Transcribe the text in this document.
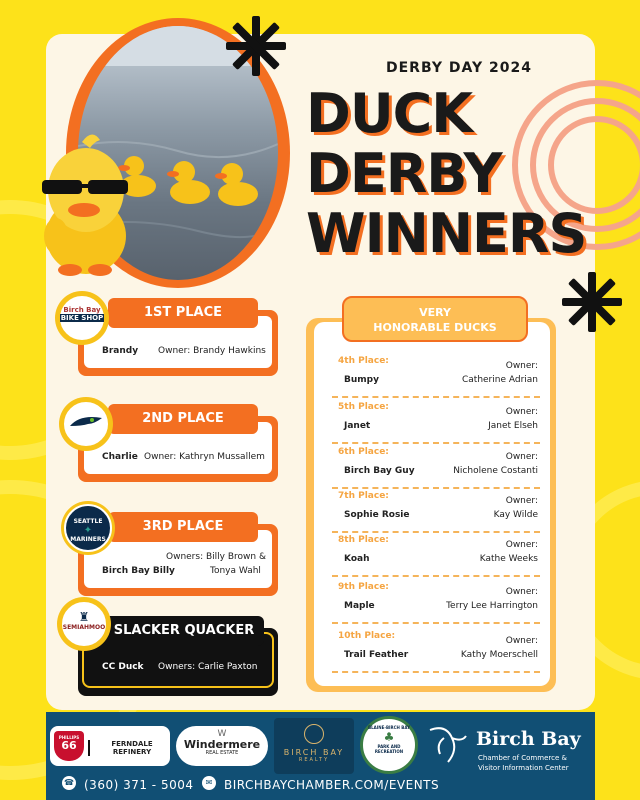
DERBY DAY 2024
DUCK
DERBY
WINNERS
Brandy Owner: Brandy Hawkins
1ST PLACE
Birch Bay
BIKE SHOP
Charlie Owner: Kathryn Mussallem
2ND PLACE
Owners: Billy Brown &
Tonya Wahl
Birch Bay Billy
3RD PLACE
SEATTLE
✦
MARINERS
CC Duck Owners: Carlie Paxton
SLACKER QUACKER
♜
SEMIAHMOO
VERY
HONORABLE DUCKS
4th Place:
Bumpy
Owner:
Catherine Adrian
5th Place:
Janet
Owner:
Janet Elseh
6th Place:
Birch Bay Guy
Owner:
Nicholene Costanti
7th Place:
Sophie Rosie
Owner:
Kay Wilde
8th Place:
Koah
Owner:
Kathe Weeks
9th Place:
Maple
Owner:
Terry Lee Harrington
10th Place:
Trail Feather
Owner:
Kathy Moerschell
PHILLIPS
66	FERNDALE REFINERY
W
Windermere
REAL ESTATE	BIRCH BAY
REALTY
BLAINE-BIRCH BAY
♣
PARK AND RECREATION
Birch Bay
Chamber of Commerce &
Visitor Information Center
☎ (360) 371 - 5004	✉ BIRCHBAYCHAMBER.COM/EVENTS
